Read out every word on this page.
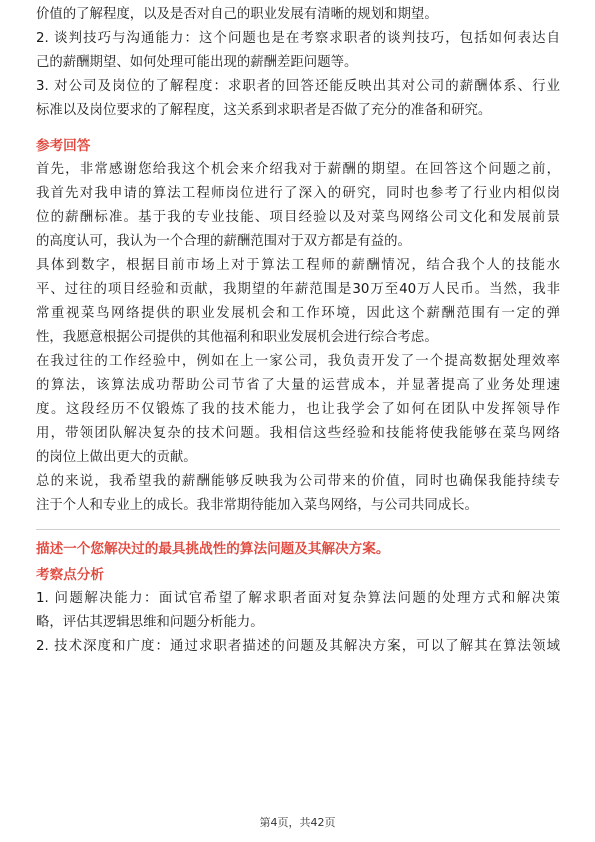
价值的了解程度，以及是否对自己的职业发展有清晰的规划和期望。
2. 谈判技巧与沟通能力：这个问题也是在考察求职者的谈判技巧，包括如何表达自
己的薪酬期望、如何处理可能出现的薪酬差距问题等。
3. 对公司及岗位的了解程度：求职者的回答还能反映出其对公司的薪酬体系、行业
标准以及岗位要求的了解程度，这关系到求职者是否做了充分的准备和研究。
参考回答
首先，非常感谢您给我这个机会来介绍我对于薪酬的期望。在回答这个问题之前，
我首先对我申请的算法工程师岗位进行了深入的研究，同时也参考了行业内相似岗
位的薪酬标准。基于我的专业技能、项目经验以及对菜鸟网络公司文化和发展前景
的高度认可，我认为一个合理的薪酬范围对于双方都是有益的。
具体到数字，根据目前市场上对于算法工程师的薪酬情况，结合我个人的技能水
平、过往的项目经验和贡献，我期望的年薪范围是30万至40万人民币。当然，我非
常重视菜鸟网络提供的职业发展机会和工作环境，因此这个薪酬范围有一定的弹
性，我愿意根据公司提供的其他福利和职业发展机会进行综合考虑。
在我过往的工作经验中，例如在上一家公司，我负责开发了一个提高数据处理效率
的算法，该算法成功帮助公司节省了大量的运营成本，并显著提高了业务处理速
度。这段经历不仅锻炼了我的技术能力，也让我学会了如何在团队中发挥领导作
用，带领团队解决复杂的技术问题。我相信这些经验和技能将使我能够在菜鸟网络
的岗位上做出更大的贡献。
总的来说，我希望我的薪酬能够反映我为公司带来的价值，同时也确保我能持续专
注于个人和专业上的成长。我非常期待能加入菜鸟网络，与公司共同成长。
描述一个您解决过的最具挑战性的算法问题及其解决方案。
考察点分析
1. 问题解决能力：面试官希望了解求职者面对复杂算法问题的处理方式和解决策
略，评估其逻辑思维和问题分析能力。
2. 技术深度和广度：通过求职者描述的问题及其解决方案，可以了解其在算法领域
第4页，共42页
